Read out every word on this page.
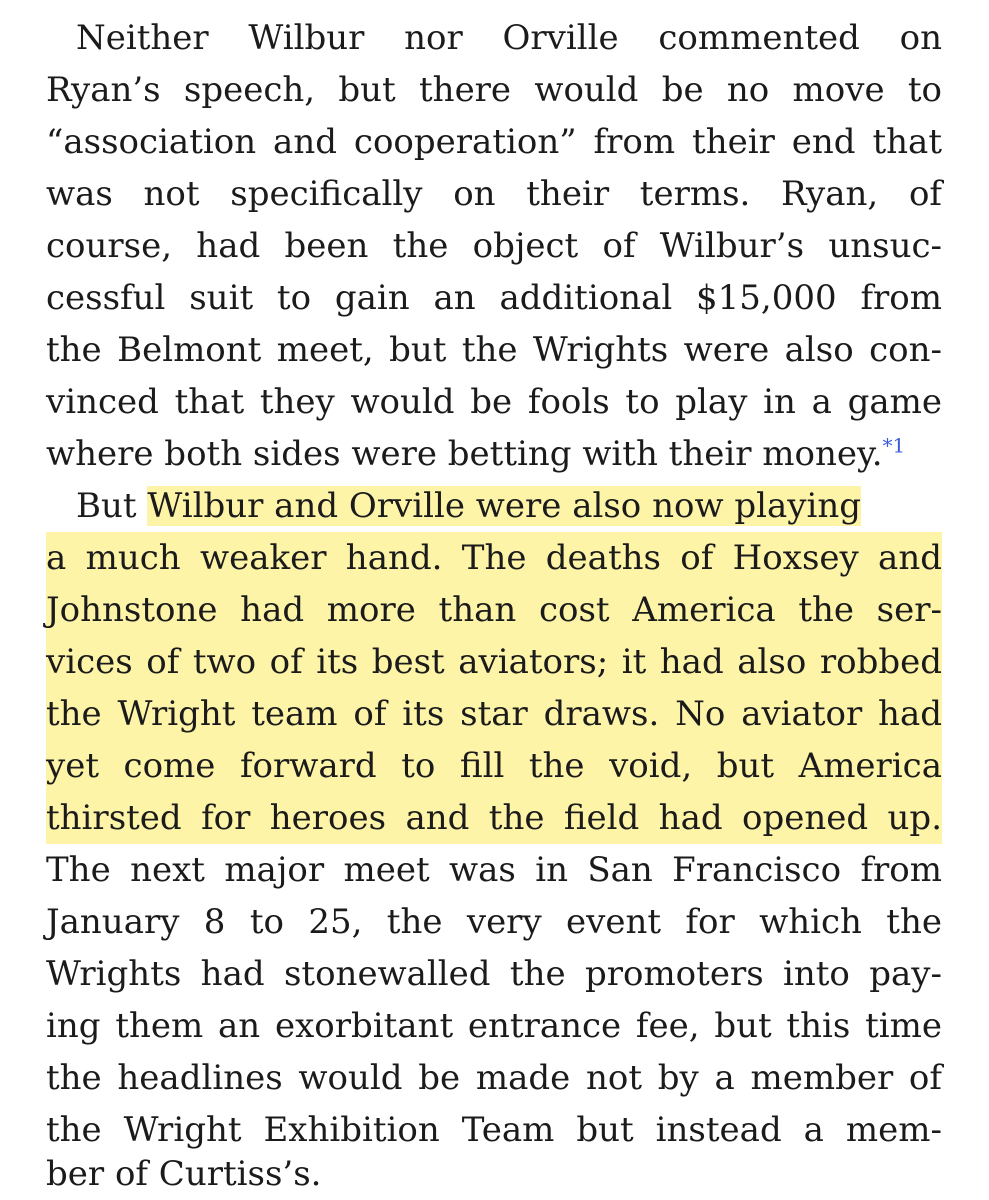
Neither Wilbur nor Orville commented on
Ryan’s speech, but there would be no move to
“association and cooperation” from their end that
was not specifically on their terms. Ryan, of
course, had been the object of Wilbur’s unsuc-
cessful suit to gain an additional $15,000 from
the Belmont meet, but the Wrights were also con-
vinced that they would be fools to play in a game
where both sides were betting with their money.$^{*1}$
But Wilbur and Orville were also now playing
a much weaker hand. The deaths of Hoxsey and
Johnstone had more than cost America the ser-
vices of two of its best aviators; it had also robbed
the Wright team of its star draws. No aviator had
yet come forward to fill the void, but America
thirsted for heroes and the field had opened up.
The next major meet was in San Francisco from
January 8 to 25, the very event for which the
Wrights had stonewalled the promoters into pay-
ing them an exorbitant entrance fee, but this time
the headlines would be made not by a member of
the Wright Exhibition Team but instead a mem-
ber of Curtiss’s.
